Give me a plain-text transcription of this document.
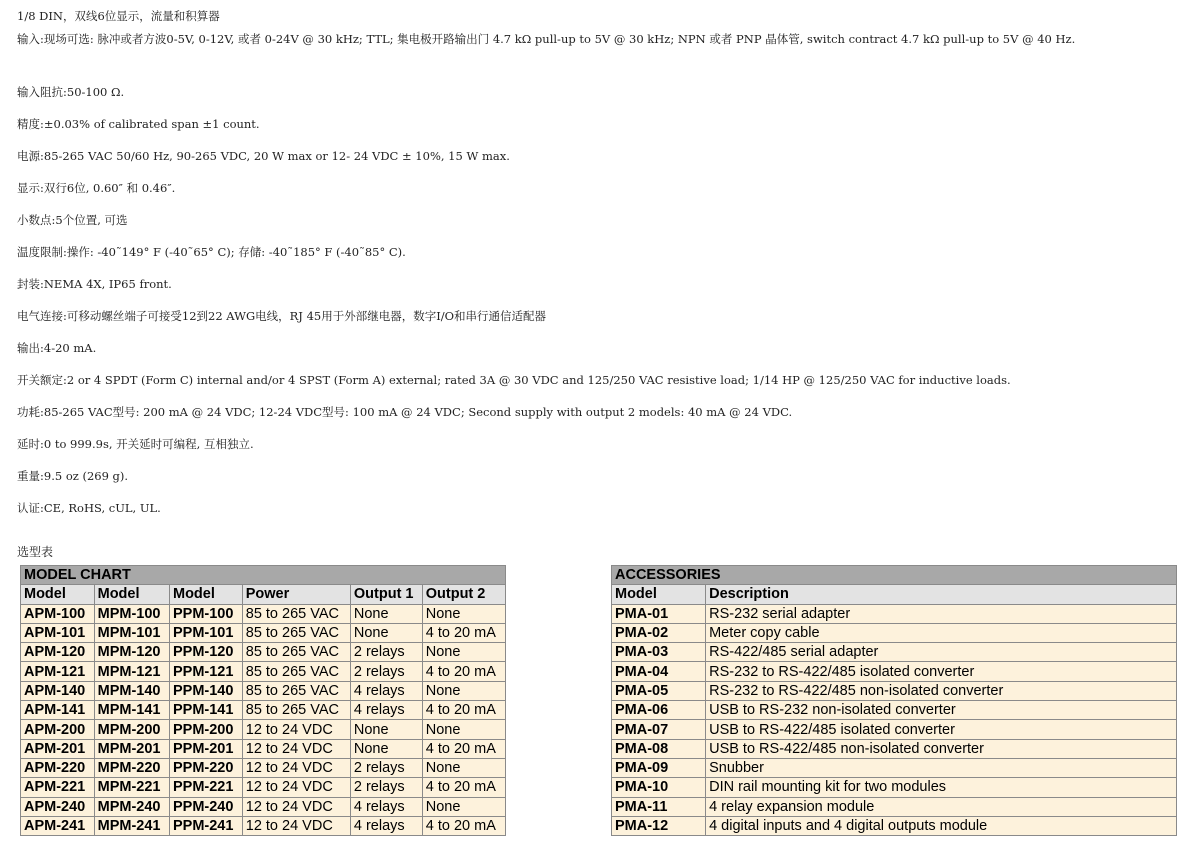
1/8 DIN，双线6位显示，流量和积算器
输入:现场可选: 脉冲或者方波0-5V, 0-12V, 或者 0-24V @ 30 kHz; TTL; 集电极开路输出门 4.7 kΩ pull-up to 5V @ 30 kHz; NPN 或者 PNP 晶体管, switch contract 4.7 kΩ pull-up to 5V @ 40 Hz.
输入阻抗:50-100 Ω.
精度:±0.03% of calibrated span ±1 count.
电源:85-265 VAC 50/60 Hz, 90-265 VDC, 20 W max or 12- 24 VDC ± 10%, 15 W max.
显示:双行6位, 0.60″ 和 0.46″.
小数点:5个位置, 可选
温度限制:操作: -40˜149° F (-40˜65° C); 存储: -40˜185° F (-40˜85° C).
封装:NEMA 4X, IP65 front.
电气连接:可移动螺丝端子可接受12到22 AWG电线，RJ 45用于外部继电器，数字I/O和串行通信适配器
输出:4-20 mA.
开关额定:2 or 4 SPDT (Form C) internal and/or 4 SPST (Form A) external; rated 3A @ 30 VDC and 125/250 VAC resistive load; 1/14 HP @ 125/250 VAC for inductive loads.
功耗:85-265 VAC型号: 200 mA @ 24 VDC; 12-24 VDC型号: 100 mA @ 24 VDC; Second supply with output 2 models: 40 mA @ 24 VDC.
延时:0 to 999.9s, 开关延时可编程, 互相独立.
重量:9.5 oz (269 g).
认证:CE, RoHS, cUL, UL.
选型表
MODEL CHART					
Model	Model	Model	Power	Output 1	Output 2
APM-100	MPM-100	PPM-100	85 to 265 VAC	None	None
APM-101	MPM-101	PPM-101	85 to 265 VAC	None	4 to 20 mA
APM-120	MPM-120	PPM-120	85 to 265 VAC	2 relays	None
APM-121	MPM-121	PPM-121	85 to 265 VAC	2 relays	4 to 20 mA
APM-140	MPM-140	PPM-140	85 to 265 VAC	4 relays	None
APM-141	MPM-141	PPM-141	85 to 265 VAC	4 relays	4 to 20 mA
APM-200	MPM-200	PPM-200	12 to 24 VDC	None	None
APM-201	MPM-201	PPM-201	12 to 24 VDC	None	4 to 20 mA
APM-220	MPM-220	PPM-220	12 to 24 VDC	2 relays	None
APM-221	MPM-221	PPM-221	12 to 24 VDC	2 relays	4 to 20 mA
APM-240	MPM-240	PPM-240	12 to 24 VDC	4 relays	None
APM-241	MPM-241	PPM-241	12 to 24 VDC	4 relays	4 to 20 mA
ACCESSORIES	
Model	Description
PMA-01	RS-232 serial adapter
PMA-02	Meter copy cable
PMA-03	RS-422/485 serial adapter
PMA-04	RS-232 to RS-422/485 isolated converter
PMA-05	RS-232 to RS-422/485 non-isolated converter
PMA-06	USB to RS-232 non-isolated converter
PMA-07	USB to RS-422/485 isolated converter
PMA-08	USB to RS-422/485 non-isolated converter
PMA-09	Snubber
PMA-10	DIN rail mounting kit for two modules
PMA-11	4 relay expansion module
PMA-12	4 digital inputs and 4 digital outputs module
